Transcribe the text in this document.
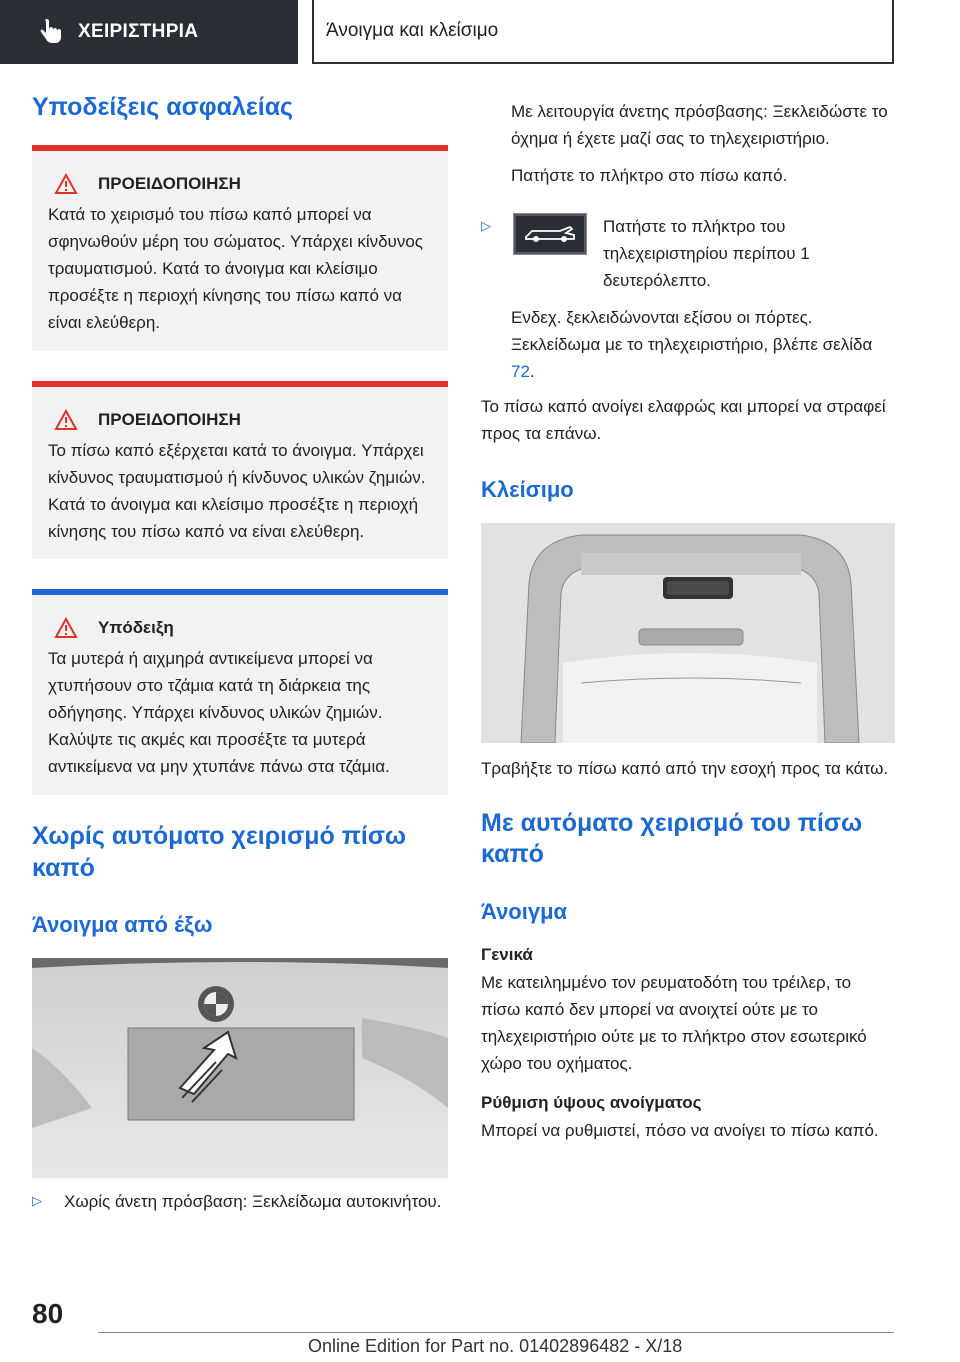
ΧΕΙΡΙΣΤΗΡΙΑ	Άνοιγμα και κλείσιμο
Υποδείξεις ασφαλείας
ΠΡΟΕΙΔΟΠΟΙΗΣΗ

Κατά το χειρισμό του πίσω καπό μπορεί να σφηνωθούν μέρη του σώματος. Υπάρχει κίνδυνος τραυματισμού. Κατά το άνοιγμα και κλείσιμο προσέξτε η περιοχή κίνησης του πίσω καπό να είναι ελεύθερη.

ΠΡΟΕΙΔΟΠΟΙΗΣΗ

Το πίσω καπό εξέρχεται κατά το άνοιγμα. Υπάρχει κίνδυνος τραυματισμού ή κίνδυνος υλικών ζημιών. Κατά το άνοιγμα και κλείσιμο προσέξτε η περιοχή κίνησης του πίσω καπό να είναι ελεύθερη.

Υπόδειξη

Τα μυτερά ή αιχμηρά αντικείμενα μπορεί να χτυπήσουν στο τζάμια κατά τη διάρκεια της οδήγησης. Υπάρχει κίνδυνος υλικών ζημιών. Καλύψτε τις ακμές και προσέξτε τα μυτερά αντικείμενα να μην χτυπάνε πάνω στα τζάμια.

Χωρίς αυτόματο χειρισμό πίσω καπό
Άνοιγμα από έξω
▷	Χωρίς άνετη πρόσβαση: Ξεκλείδωμα αυτοκινήτου.

Με λειτουργία άνετης πρόσβασης: Ξεκλειδώστε το όχημα ή έχετε μαζί σας το τηλεχειριστήριο.

Πατήστε το πλήκτρο στο πίσω καπό.

▷	Πατήστε το πλήκτρο του τηλεχειριστηρίου περίπου 1 δευτερόλεπτο.

Ενδεχ. ξεκλειδώνονται εξίσου οι πόρτες. Ξεκλείδωμα με το τηλεχειριστήριο, βλέπε σελίδα 72.

Το πίσω καπό ανοίγει ελαφρώς και μπορεί να στραφεί προς τα επάνω.

Κλείσιμο

Τραβήξτε το πίσω καπό από την εσοχή προς τα κάτω.

Με αυτόματο χειρισμό του πίσω καπό
Άνοιγμα
Γενικά

Με κατειλημμένο τον ρευματοδότη του τρέιλερ, το πίσω καπό δεν μπορεί να ανοιχτεί ούτε με το τηλεχειριστήριο ούτε με το πλήκτρο στον εσωτερικό χώρο του οχήματος.

Ρύθμιση ύψους ανοίγματος

Μπορεί να ρυθμιστεί, πόσο να ανοίγει το πίσω καπό.

80
Online Edition for Part no. 01402896482 - X/18
